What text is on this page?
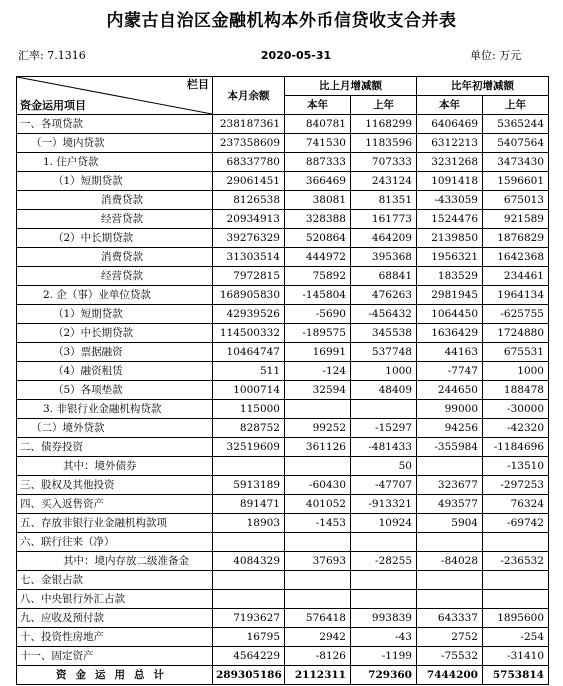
内蒙古自治区金融机构本外币信贷收支合并表
汇率: 7.1316	2020-05-31	单位: 万元
栏目
资金运用项目	本月余额	比上月增减额		比年初增减额	
		本年	上年	本年	上年
一、各项贷款	238187361	840781	1168299	6406469	5365244
（一）境内贷款	237358609	741530	1183596	6312213	5407564
1. 住户贷款	68337780	887333	707333	3231268	3473430
（1）短期贷款	29061451	366469	243124	1091418	1596601
消费贷款	8126538	38081	81351	-433059	675013
经营贷款	20934913	328388	161773	1524476	921589
（2）中长期贷款	39276329	520864	464209	2139850	1876829
消费贷款	31303514	444972	395368	1956321	1642368
经营贷款	7972815	75892	68841	183529	234461
2. 企（事）业单位贷款	168905830	-145804	476263	2981945	1964134
（1）短期贷款	42939526	-5690	-456432	1064450	-625755
（2）中长期贷款	114500332	-189575	345538	1636429	1724880
（3）票据融资	10464747	16991	537748	44163	675531
（4）融资租赁	511	-124	1000	-7747	1000
（5）各项垫款	1000714	32594	48409	244650	188478
3. 非银行业金融机构贷款	115000			99000	-30000
（二）境外贷款	828752	99252	-15297	94256	-42320
二、债券投资	32519609	361126	-481433	-355984	-1184696
其中：境外债券			50		-13510
三、股权及其他投资	5913189	-60430	-47707	323677	-297253
四、买入返售资产	891471	401052	-913321	493577	76324
五、存放非银行业金融机构款项	18903	-1453	10924	5904	-69742
六、联行往来（净）					
其中：境内存放二级准备金	4084329	37693	-28255	-84028	-236532
七、金银占款					
八、中央银行外汇占款					
九、应收及预付款	7193627	576418	993839	643337	1895600
十、投资性房地产	16795	2942	-43	2752	-254
十一、固定资产	4564229	-8126	-1199	-75532	-31410
资金运用总计	289305186	2112311	729360	7444200	5753814
